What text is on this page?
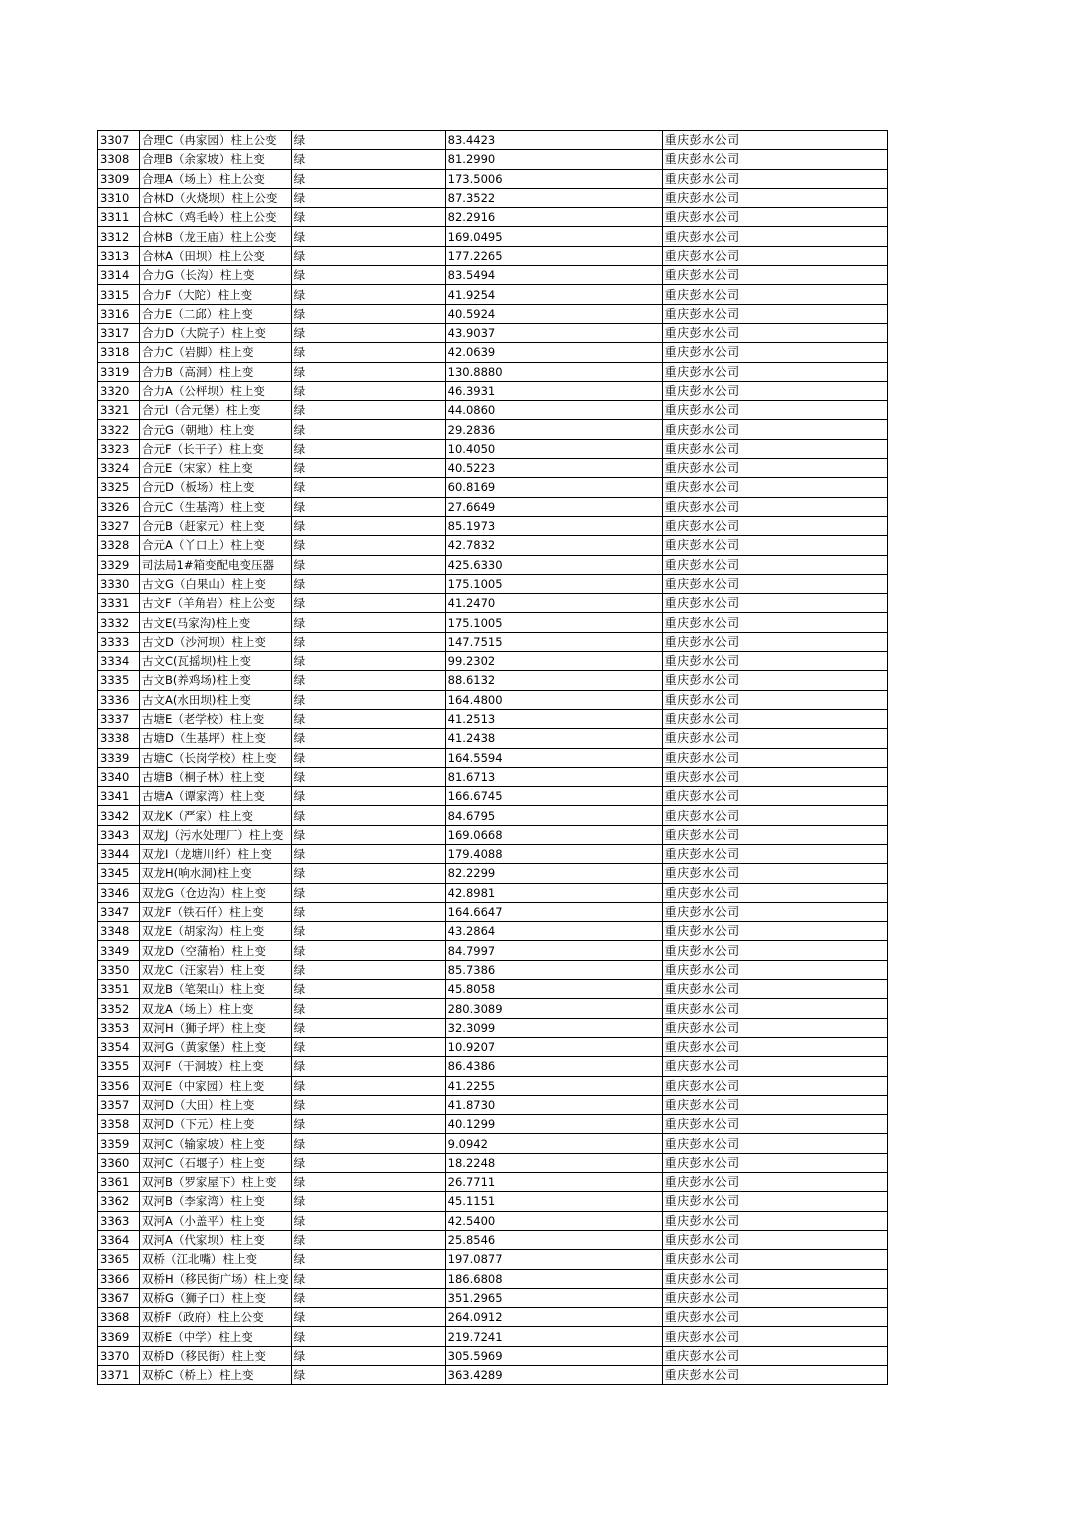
3307	合理C（冉家园）柱上公变	绿	83.4423	重庆彭水公司
3308	合理B（余家坡）柱上变	绿	81.2990	重庆彭水公司
3309	合理A（场上）柱上公变	绿	173.5006	重庆彭水公司
3310	合林D（火烧坝）柱上公变	绿	87.3522	重庆彭水公司
3311	合林C（鸡毛岭）柱上公变	绿	82.2916	重庆彭水公司
3312	合林B（龙王庙）柱上公变	绿	169.0495	重庆彭水公司
3313	合林A（田坝）柱上公变	绿	177.2265	重庆彭水公司
3314	合力G（长沟）柱上变	绿	83.5494	重庆彭水公司
3315	合力F（大陀）柱上变	绿	41.9254	重庆彭水公司
3316	合力E（二邱）柱上变	绿	40.5924	重庆彭水公司
3317	合力D（大院子）柱上变	绿	43.9037	重庆彭水公司
3318	合力C（岩脚）柱上变	绿	42.0639	重庆彭水公司
3319	合力B（高洞）柱上变	绿	130.8880	重庆彭水公司
3320	合力A（公枰坝）柱上变	绿	46.3931	重庆彭水公司
3321	合元I（合元堡）柱上变	绿	44.0860	重庆彭水公司
3322	合元G（朝地）柱上变	绿	29.2836	重庆彭水公司
3323	合元F（长干子）柱上变	绿	10.4050	重庆彭水公司
3324	合元E（宋家）柱上变	绿	40.5223	重庆彭水公司
3325	合元D（板场）柱上变	绿	60.8169	重庆彭水公司
3326	合元C（生基湾）柱上变	绿	27.6649	重庆彭水公司
3327	合元B（赶家元）柱上变	绿	85.1973	重庆彭水公司
3328	合元A（丫口上）柱上变	绿	42.7832	重庆彭水公司
3329	司法局1#箱变配电变压器	绿	425.6330	重庆彭水公司
3330	古文G（白果山）柱上变	绿	175.1005	重庆彭水公司
3331	古文F（羊角岩）柱上公变	绿	41.2470	重庆彭水公司
3332	古文E(马家沟)柱上变	绿	175.1005	重庆彭水公司
3333	古文D（沙河坝）柱上变	绿	147.7515	重庆彭水公司
3334	古文C(瓦摇坝)柱上变	绿	99.2302	重庆彭水公司
3335	古文B(养鸡场)柱上变	绿	88.6132	重庆彭水公司
3336	古文A(水田坝)柱上变	绿	164.4800	重庆彭水公司
3337	古塘E（老学校）柱上变	绿	41.2513	重庆彭水公司
3338	古塘D（生基坪）柱上变	绿	41.2438	重庆彭水公司
3339	古塘C（长岗学校）柱上变	绿	164.5594	重庆彭水公司
3340	古塘B（桐子林）柱上变	绿	81.6713	重庆彭水公司
3341	古塘A（谭家湾）柱上变	绿	166.6745	重庆彭水公司
3342	双龙K（严家）柱上变	绿	84.6795	重庆彭水公司
3343	双龙J（污水处理厂）柱上变	绿	169.0668	重庆彭水公司
3344	双龙I（龙塘川纤）柱上变	绿	179.4088	重庆彭水公司
3345	双龙H(响水洞)柱上变	绿	82.2299	重庆彭水公司
3346	双龙G（仓边沟）柱上变	绿	42.8981	重庆彭水公司
3347	双龙F（铁石仟）柱上变	绿	164.6647	重庆彭水公司
3348	双龙E（胡家沟）柱上变	绿	43.2864	重庆彭水公司
3349	双龙D（空蒲枱）柱上变	绿	84.7997	重庆彭水公司
3350	双龙C（汪家岩）柱上变	绿	85.7386	重庆彭水公司
3351	双龙B（笔架山）柱上变	绿	45.8058	重庆彭水公司
3352	双龙A（场上）柱上变	绿	280.3089	重庆彭水公司
3353	双河H（狮子坪）柱上变	绿	32.3099	重庆彭水公司
3354	双河G（黄家堡）柱上变	绿	10.9207	重庆彭水公司
3355	双河F（干洞坡）柱上变	绿	86.4386	重庆彭水公司
3356	双河E（中家园）柱上变	绿	41.2255	重庆彭水公司
3357	双河D（大田）柱上变	绿	41.8730	重庆彭水公司
3358	双河D（下元）柱上变	绿	40.1299	重庆彭水公司
3359	双河C（输家坡）柱上变	绿	9.0942	重庆彭水公司
3360	双河C（石堰子）柱上变	绿	18.2248	重庆彭水公司
3361	双河B（罗家屋下）柱上变	绿	26.7711	重庆彭水公司
3362	双河B（李家湾）柱上变	绿	45.1151	重庆彭水公司
3363	双河A（小盖平）柱上变	绿	42.5400	重庆彭水公司
3364	双河A（代家坝）柱上变	绿	25.8546	重庆彭水公司
3365	双桥（江北嘴）柱上变	绿	197.0877	重庆彭水公司
3366	双桥H（移民街广场）柱上变	绿	186.6808	重庆彭水公司
3367	双桥G（狮子口）柱上变	绿	351.2965	重庆彭水公司
3368	双桥F（政府）柱上公变	绿	264.0912	重庆彭水公司
3369	双桥E（中学）柱上变	绿	219.7241	重庆彭水公司
3370	双桥D（移民街）柱上变	绿	305.5969	重庆彭水公司
3371	双桥C（桥上）柱上变	绿	363.4289	重庆彭水公司
